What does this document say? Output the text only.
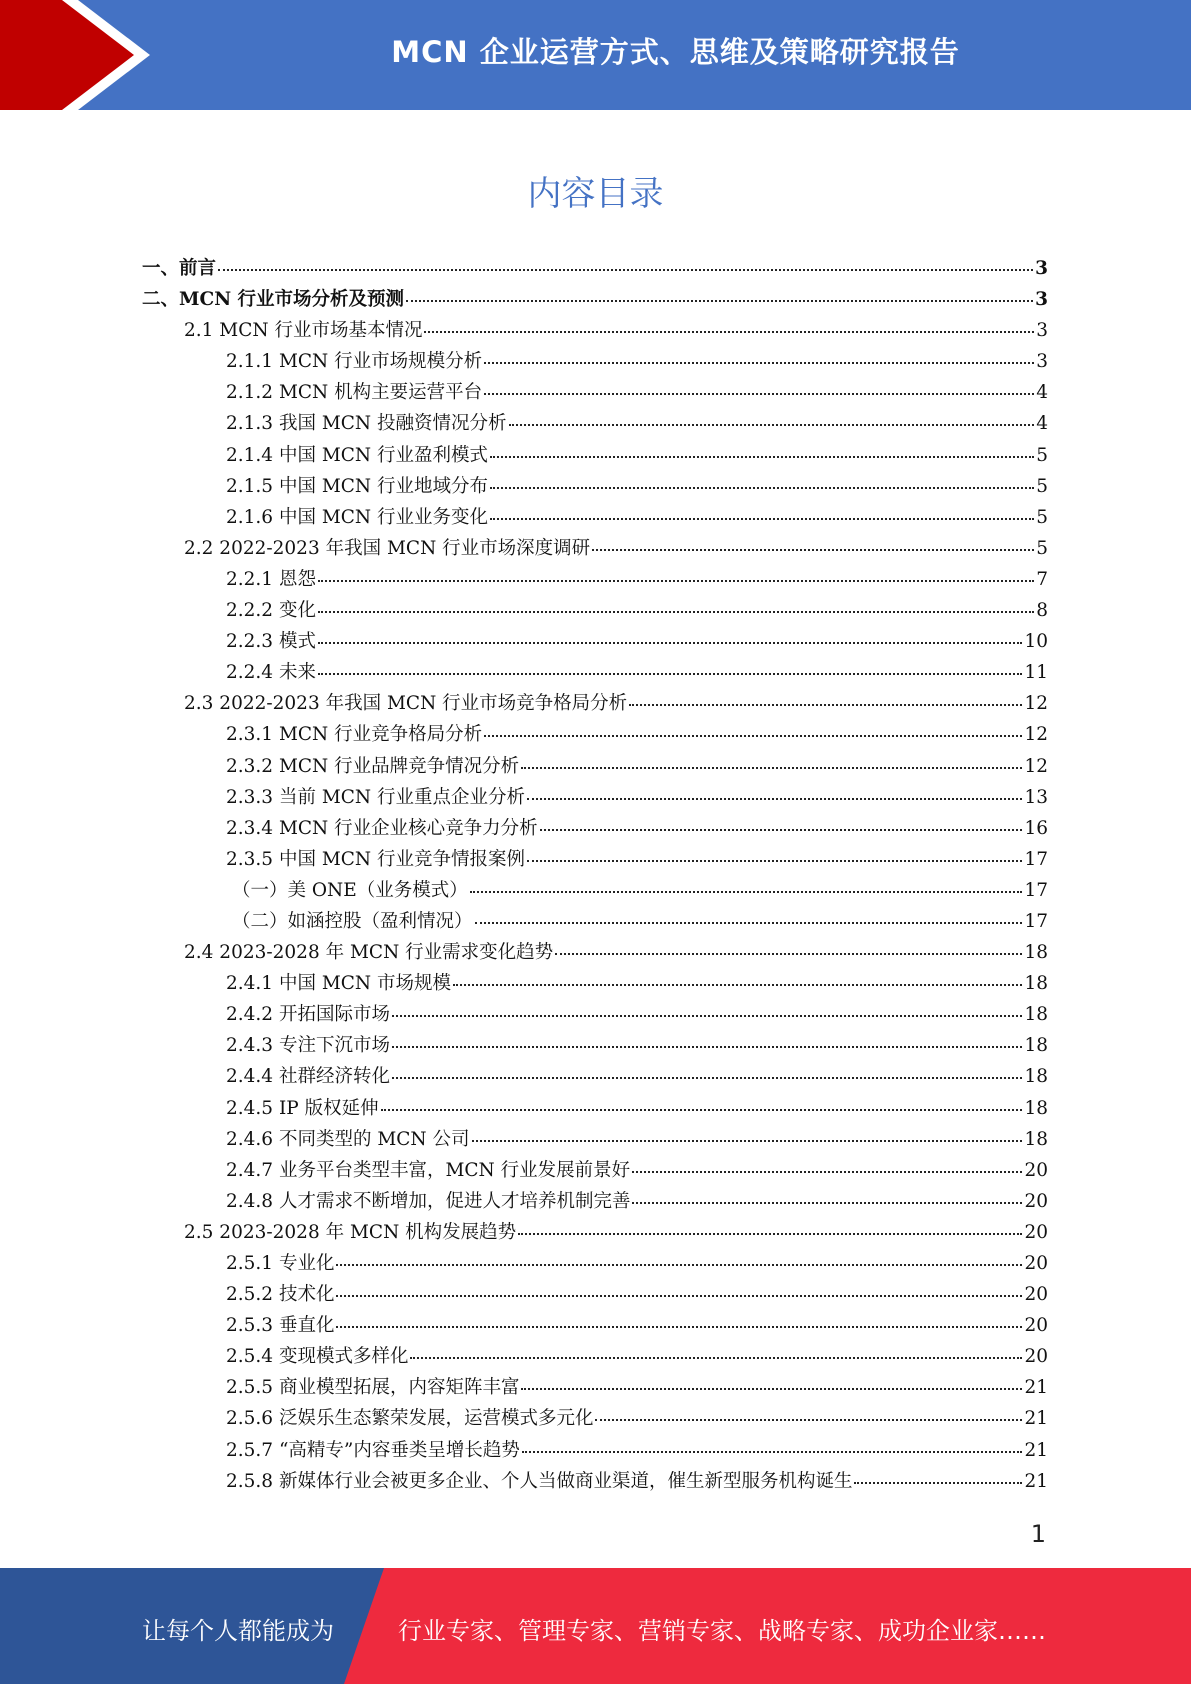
MCN 企业运营方式、思维及策略研究报告
内容目录
一、前言	3
二、MCN 行业市场分析及预测	3
2.1 MCN 行业市场基本情况	3
2.1.1 MCN 行业市场规模分析	3
2.1.2 MCN 机构主要运营平台	4
2.1.3 我国 MCN 投融资情况分析	4
2.1.4 中国 MCN 行业盈利模式	5
2.1.5 中国 MCN 行业地域分布	5
2.1.6 中国 MCN 行业业务变化	5
2.2 2022-2023 年我国 MCN 行业市场深度调研	5
2.2.1 恩怨	7
2.2.2 变化	8
2.2.3 模式	10
2.2.4 未来	11
2.3 2022-2023 年我国 MCN 行业市场竞争格局分析	12
2.3.1 MCN 行业竞争格局分析	12
2.3.2 MCN 行业品牌竞争情况分析	12
2.3.3 当前 MCN 行业重点企业分析	13
2.3.4 MCN 行业企业核心竞争力分析	16
2.3.5 中国 MCN 行业竞争情报案例	17
（一）美 ONE（业务模式）	17
（二）如涵控股（盈利情况）	17
2.4 2023-2028 年 MCN 行业需求变化趋势	18
2.4.1 中国 MCN 市场规模	18
2.4.2 开拓国际市场	18
2.4.3 专注下沉市场	18
2.4.4 社群经济转化	18
2.4.5 IP 版权延伸	18
2.4.6 不同类型的 MCN 公司	18
2.4.7 业务平台类型丰富，MCN 行业发展前景好	20
2.4.8 人才需求不断增加，促进人才培养机制完善	20
2.5 2023-2028 年 MCN 机构发展趋势	20
2.5.1 专业化	20
2.5.2 技术化	20
2.5.3 垂直化	20
2.5.4 变现模式多样化	20
2.5.5 商业模型拓展，内容矩阵丰富	21
2.5.6 泛娱乐生态繁荣发展，运营模式多元化	21
2.5.7 “高精专”内容垂类呈增长趋势	21
2.5.8 新媒体行业会被更多企业、个人当做商业渠道，催生新型服务机构诞生	21
1
让每个人都能成为	行业专家、管理专家、营销专家、战略专家、成功企业家……
